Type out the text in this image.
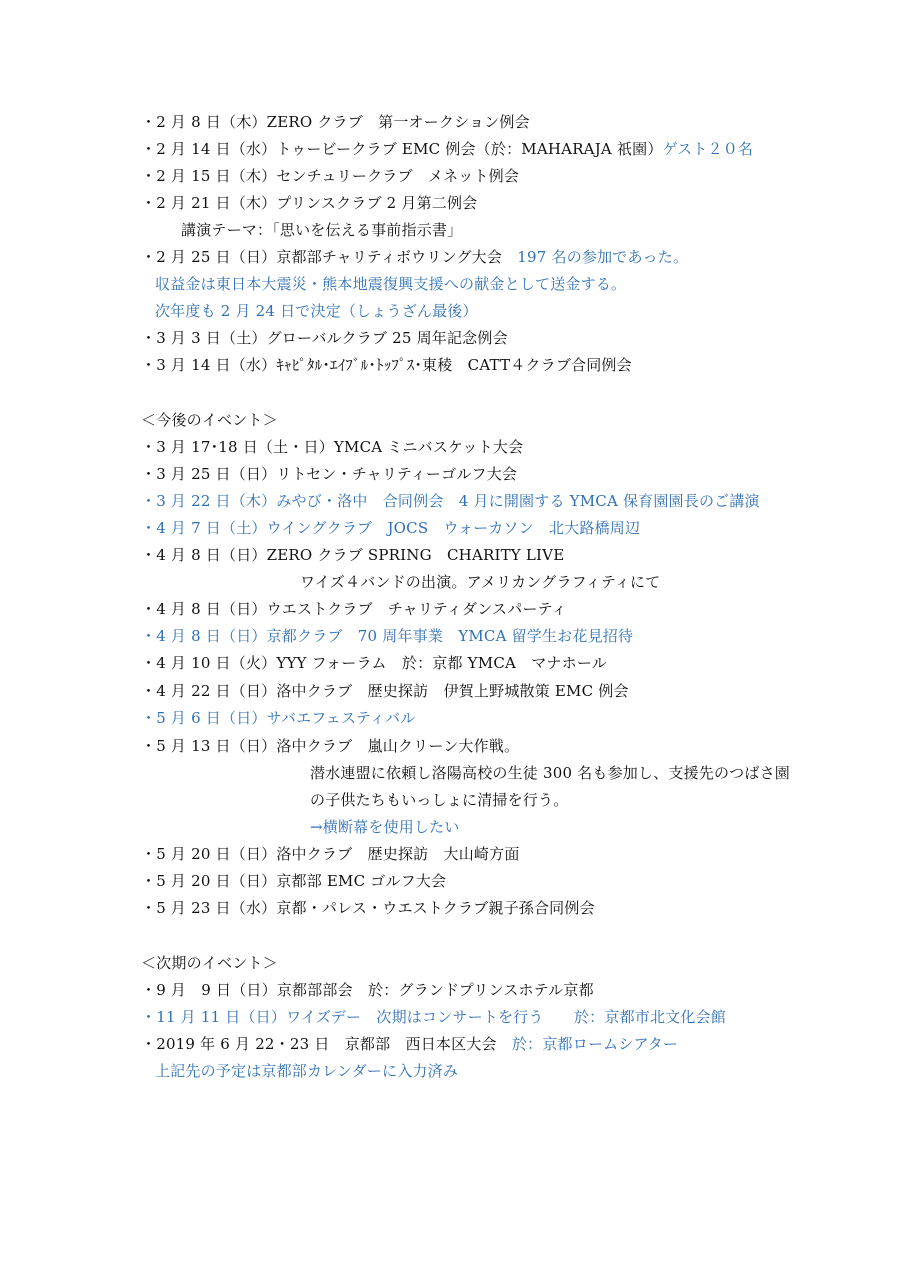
・2 月 8 日（木）ZERO クラブ　第一オークション例会
・2 月 14 日（水）トゥービークラブ EMC 例会（於：MAHARAJA 祇園）ゲスト２０名
・2 月 15 日（木）センチュリークラブ　メネット例会
・2 月 21 日（木）プリンスクラブ 2 月第二例会
講演テーマ：｢思いを伝える事前指示書」
・2 月 25 日（日）京都部チャリティボウリング大会　197 名の参加であった。
収益金は東日本大震災・熊本地震復興支援への献金として送金する。
次年度も 2 月 24 日で決定（しょうざん最後）
・3 月 3 日（土）グローバルクラブ 25 周年記念例会
・3 月 14 日（水）ｷｬﾋﾟﾀﾙ･ｴｲﾌﾞﾙ･ﾄｯﾌﾟｽ･東稜　CATT４クラブ合同例会
＜今後のイベント＞
・3 月 17･18 日（土・日）YMCA ミニバスケット大会
・3 月 25 日（日）リトセン・チャリティーゴルフ大会
・3 月 22 日（木）みやび・洛中　合同例会　4 月に開園する YMCA 保育園園長のご講演
・4 月 7 日（土）ウイングクラブ　JOCS　ウォーカソン　北大路橋周辺
・4 月 8 日（日）ZERO クラブ SPRING　CHARITY LIVE
ワイズ４バンドの出演。アメリカングラフィティにて
・4 月 8 日（日）ウエストクラブ　チャリティダンスパーティ
・4 月 8 日（日）京都クラブ　70 周年事業　YMCA 留学生お花見招待
・4 月 10 日（火）YYY フォーラム　於：京都 YMCA　マナホール
・4 月 22 日（日）洛中クラブ　歴史探訪　伊賀上野城散策 EMC 例会
・5 月 6 日（日）サバエフェスティバル
・5 月 13 日（日）洛中クラブ　嵐山クリーン大作戦。
潜水連盟に依頼し洛陽高校の生徒 300 名も参加し、支援先のつばさ園
の子供たちもいっしょに清掃を行う。
→横断幕を使用したい
・5 月 20 日（日）洛中クラブ　歴史探訪　大山崎方面
・5 月 20 日（日）京都部 EMC ゴルフ大会
・5 月 23 日（水）京都・パレス・ウエストクラブ親子孫合同例会
＜次期のイベント＞
・9 月　9 日（日）京都部部会　於：グランドプリンスホテル京都
・11 月 11 日（日）ワイズデー　次期はコンサートを行う　　於：京都市北文化会館
・2019 年 6 月 22・23 日　京都部　西日本区大会　於：京都ロームシアター
上記先の予定は京都部カレンダーに入力済み
